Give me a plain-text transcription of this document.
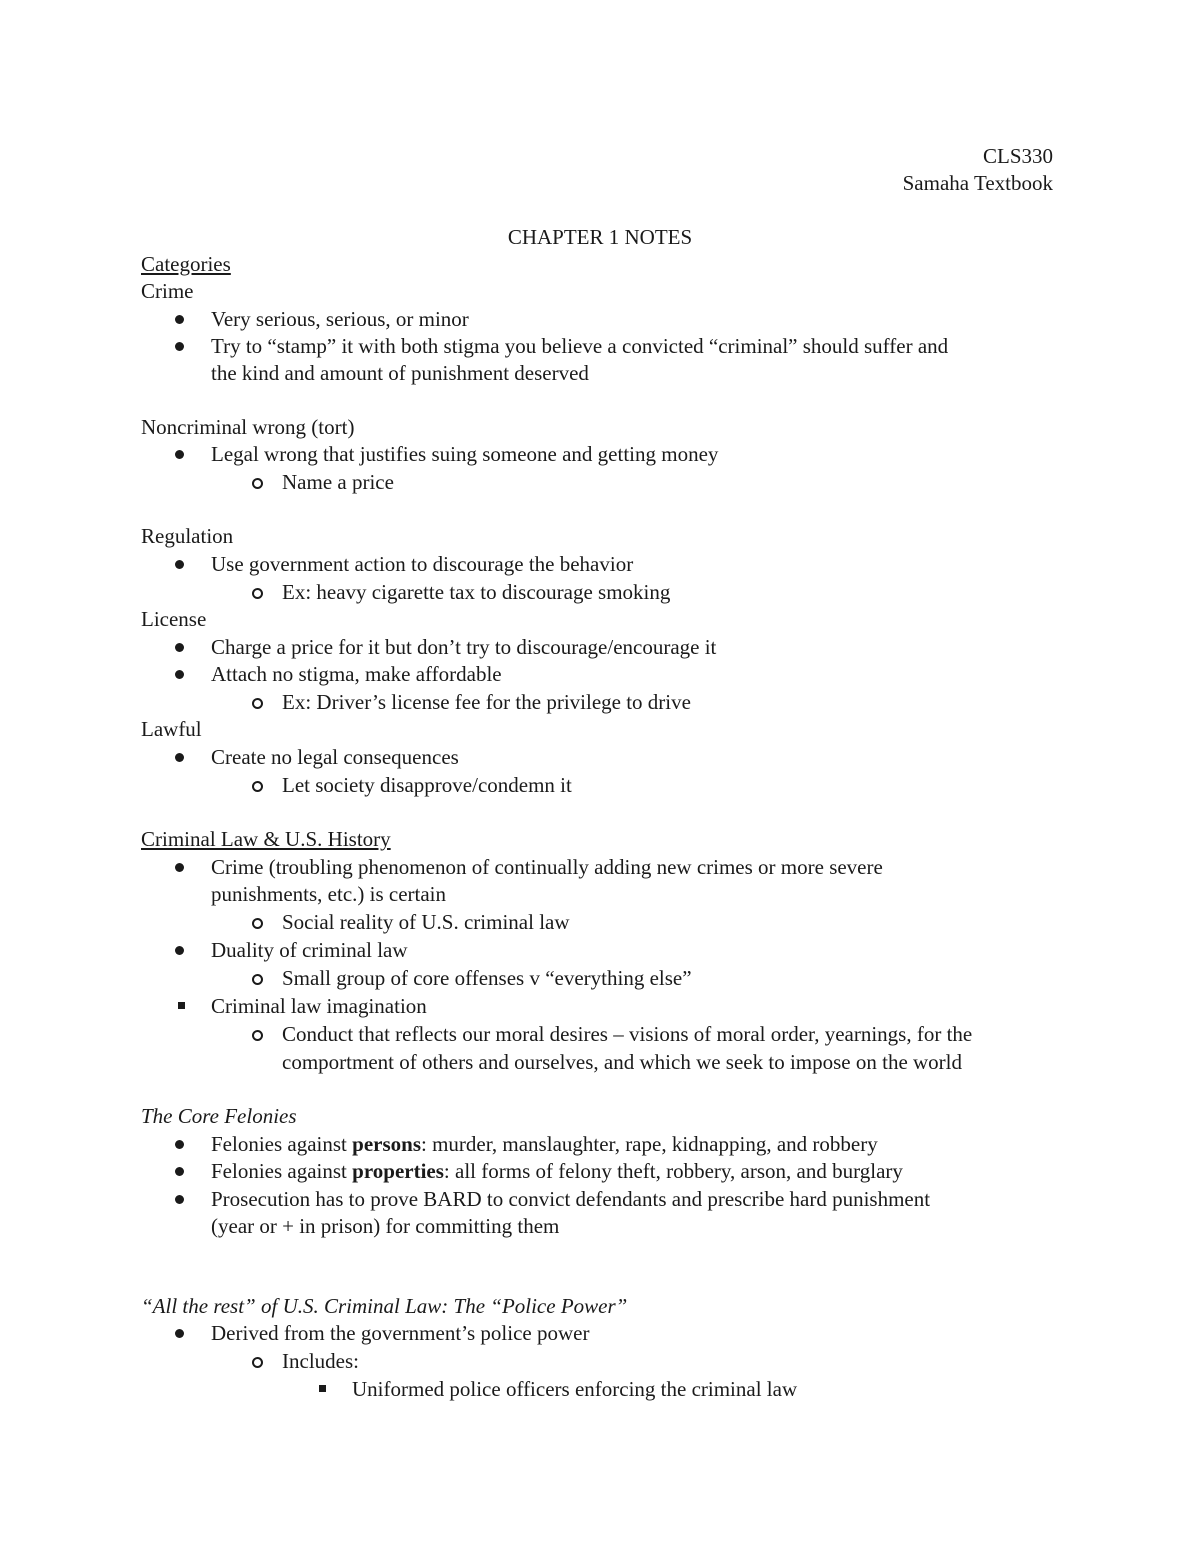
CLS330
Samaha Textbook
CHAPTER 1 NOTES
Categories
Crime
Very serious, serious, or minor
Try to “stamp” it with both stigma you believe a convicted “criminal” should suffer and
the kind and amount of punishment deserved
Noncriminal wrong (tort)
Legal wrong that justifies suing someone and getting money
Name a price
Regulation
Use government action to discourage the behavior
Ex: heavy cigarette tax to discourage smoking
License
Charge a price for it but don’t try to discourage/encourage it
Attach no stigma, make affordable
Ex: Driver’s license fee for the privilege to drive
Lawful
Create no legal consequences
Let society disapprove/condemn it
Criminal Law & U.S. History
Crime (troubling phenomenon of continually adding new crimes or more severe
punishments, etc.) is certain
Social reality of U.S. criminal law
Duality of criminal law
Small group of core offenses v “everything else”
Criminal law imagination
Conduct that reflects our moral desires – visions of moral order, yearnings, for the
comportment of others and ourselves, and which we seek to impose on the world
The Core Felonies
Felonies against persons: murder, manslaughter, rape, kidnapping, and robbery
Felonies against properties: all forms of felony theft, robbery, arson, and burglary
Prosecution has to prove BARD to convict defendants and prescribe hard punishment
(year or + in prison) for committing them
“All the rest” of U.S. Criminal Law: The “Police Power”
Derived from the government’s police power
Includes:
Uniformed police officers enforcing the criminal law
